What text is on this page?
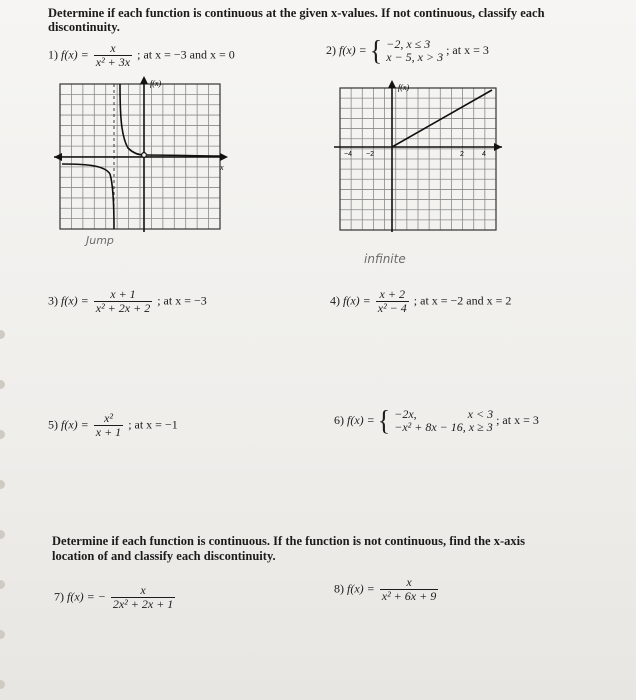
Determine if each function is continuous at the given x-values. If not continuous, classify each discontinuity.
1) $f(x) = \frac{x}{\text{x² + 3x}}$ ; at x = −3 and x = 0
f(x)
x
Jump
2) f(x) = { −2, x ≤ 3
x − 5, x > 3
; at x = 3
f(x)
−4 −2	2	4
infinite
3) $f(x) = \frac{x + 1}{\text{x² + 2x + 2}}$ ; at x = −3	4) $f(x) = \frac{x + 2}{\text{x² − 4}}$ ; at x = −2 and x = 2
5) $f(x) = \frac{\text{x²}}{x + 1}$ ; at x = −1	6) f(x) = { −2x,                 x < 3
−x² + 8x − 16, x ≥ 3
; at x = 3
Determine if each function is continuous. If the function is not continuous, find the x-axis location of and classify each discontinuity.
7) f(x) = − $\frac{x}{\text{2x² + 2x + 1}}$	8) $f(x) = \frac{x}{\text{x² + 6x + 9}}$
